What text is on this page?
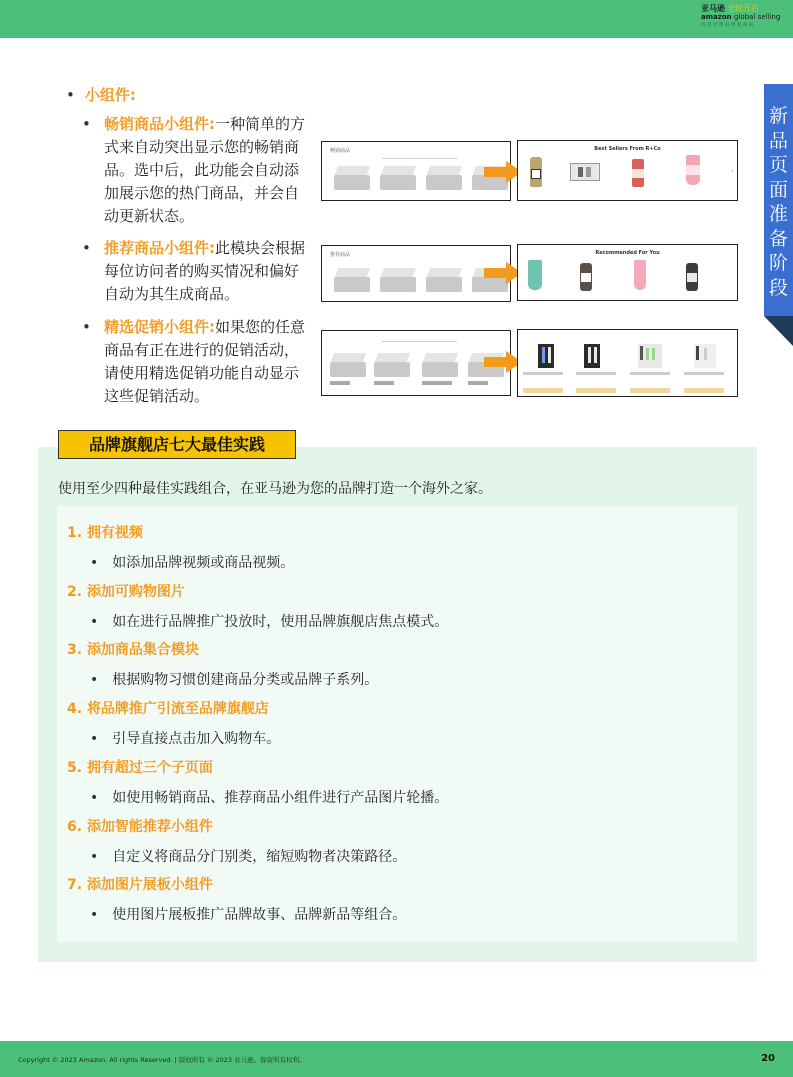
亚马逊 全球开店
amazon global selling
共创全球品牌新格局
新
品
页
面
准
备
阶
段
• 小组件:
• 畅销商品小组件:一种简单的方式来自动突出显示您的畅销商品。选中后，此功能会自动添加展示您的热门商品，并会自动更新状态。
• 推荐商品小组件:此模块会根据每位访问者的购买情况和偏好自动为其生成商品。
• 精选促销小组件:如果您的任意商品有正在进行的促销活动，请使用精选促销功能自动显示这些促销活动。
畅销商品	Best Sellers From R+Co
›
推荐商品	Recommended For You
品牌旗舰店七大最佳实践
使用至少四种最佳实践组合，在亚马逊为您的品牌打造一个海外之家。
1. 拥有视频
• 如添加品牌视频或商品视频。
2. 添加可购物图片
• 如在进行品牌推广投放时，使用品牌旗舰店焦点模式。
3. 添加商品集合模块
• 根据购物习惯创建商品分类或品牌子系列。
4. 将品牌推广引流至品牌旗舰店
• 引导直接点击加入购物车。
5. 拥有超过三个子页面
• 如使用畅销商品、推荐商品小组件进行产品图片轮播。
6. 添加智能推荐小组件
• 自定义将商品分门别类，缩短购物者决策路径。
7. 添加图片展板小组件
• 使用图片展板推广品牌故事、品牌新品等组合。
Copyright © 2023 Amazon. All rights Reserved. | 版权所有 © 2023 亚马逊。保留所有权利。	20
